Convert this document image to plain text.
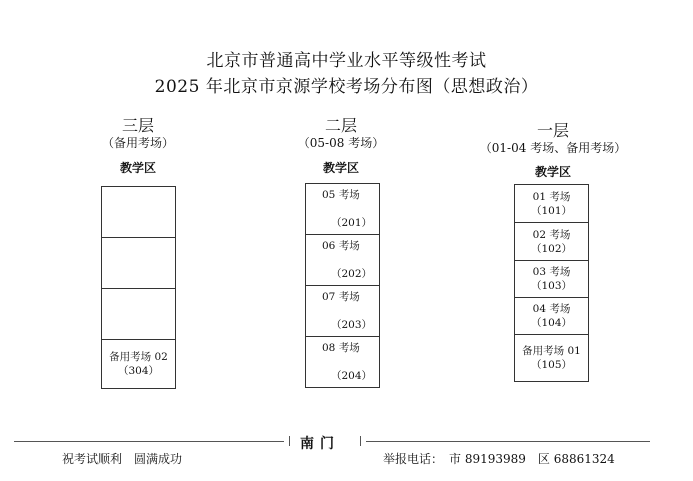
北京市普通高中学业水平等级性考试
2025 年北京市京源学校考场分布图（思想政治）
三层
（备用考场）
教学区
备用考场 02
（304）
二层
（05-08 考场）
教学区
05 考场
（201）
06 考场
（202）
07 考场
（203）
08 考场
（204）
一层
（01-04 考场、备用考场）
教学区
01 考场
（101）
02 考场
（102）
03 考场
（103）
04 考场
（104）
备用考场 01
（105）
南门
祝考试顺利　圆满成功	举报电话：　市 89193989　区 68861324
